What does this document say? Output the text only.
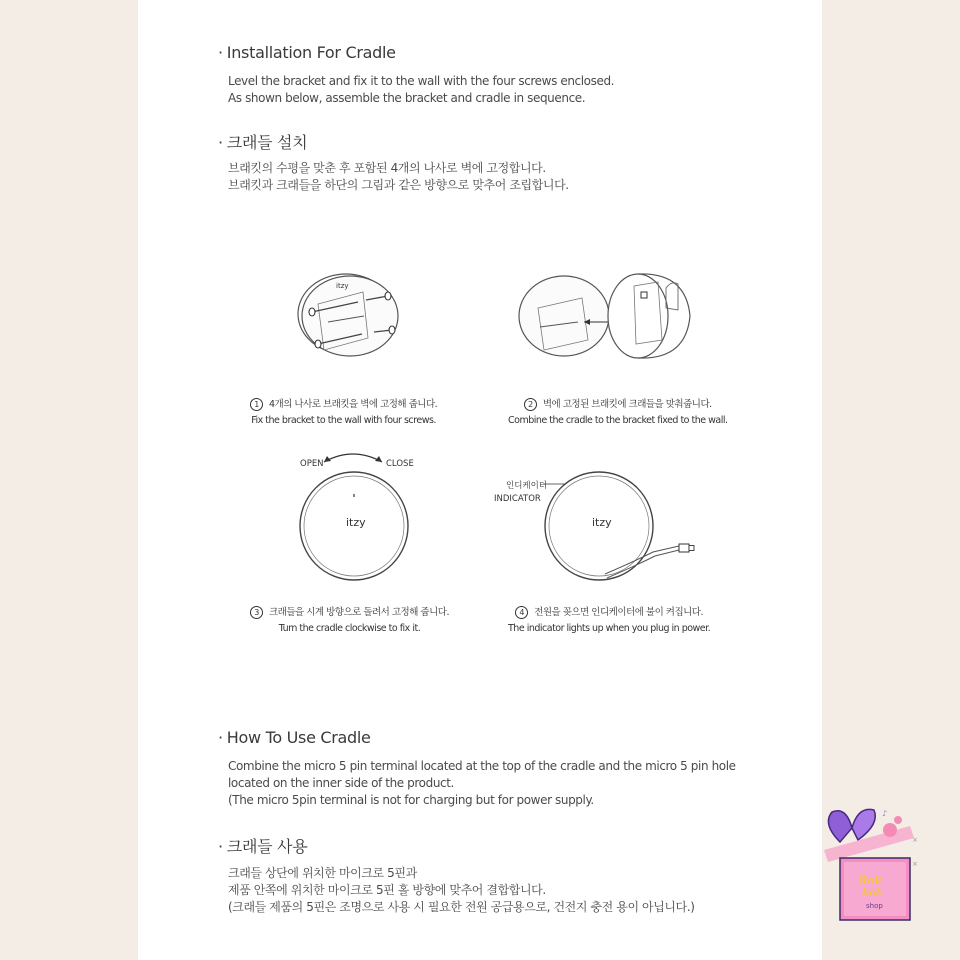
· Installation For Cradle
Level the bracket and fix it to the wall with the four screws enclosed.
As shown below, assemble the bracket and cradle in sequence.
· 크래들 설치
브래킷의 수평을 맞춘 후 포함된 4개의 나사로 벽에 고정합니다.
브래킷과 크래들을 하단의 그림과 같은 방향으로 맞추어 조립합니다.
itzy
1 4개의 나사로 브래킷을 벽에 고정해 줍니다.
Fix the bracket to the wall with four screws.
2 벽에 고정된 브래킷에 크래들을 맞춰줍니다.
Combine the cradle to the bracket fixed to the wall.
OPEN	CLOSE
itzy
인디케이터
INDICATOR
itzy
3 크래들을 시계 방향으로 돌려서 고정해 줍니다.
Turn the cradle clockwise to fix it.
4 전원을 꽂으면 인디케이터에 불이 켜집니다.
The indicator lights up when you plug in power.
· How To Use Cradle
Combine the micro 5 pin terminal located at the top of the cradle and the micro 5 pin hole
located on the inner side of the product.
(The micro 5pin terminal is not for charging but for power supply.
· 크래들 사용
크래들 상단에 위치한 마이크로 5핀과
제품 안쪽에 위치한 마이크로 5핀 홀 방향에 맞추어 결합합니다.
(크래들 제품의 5핀은 조명으로 사용 시 필요한 전원 공급용으로, 건전지 충전 용이 아닙니다.)
♪
Bok
bok
shop
×
×
